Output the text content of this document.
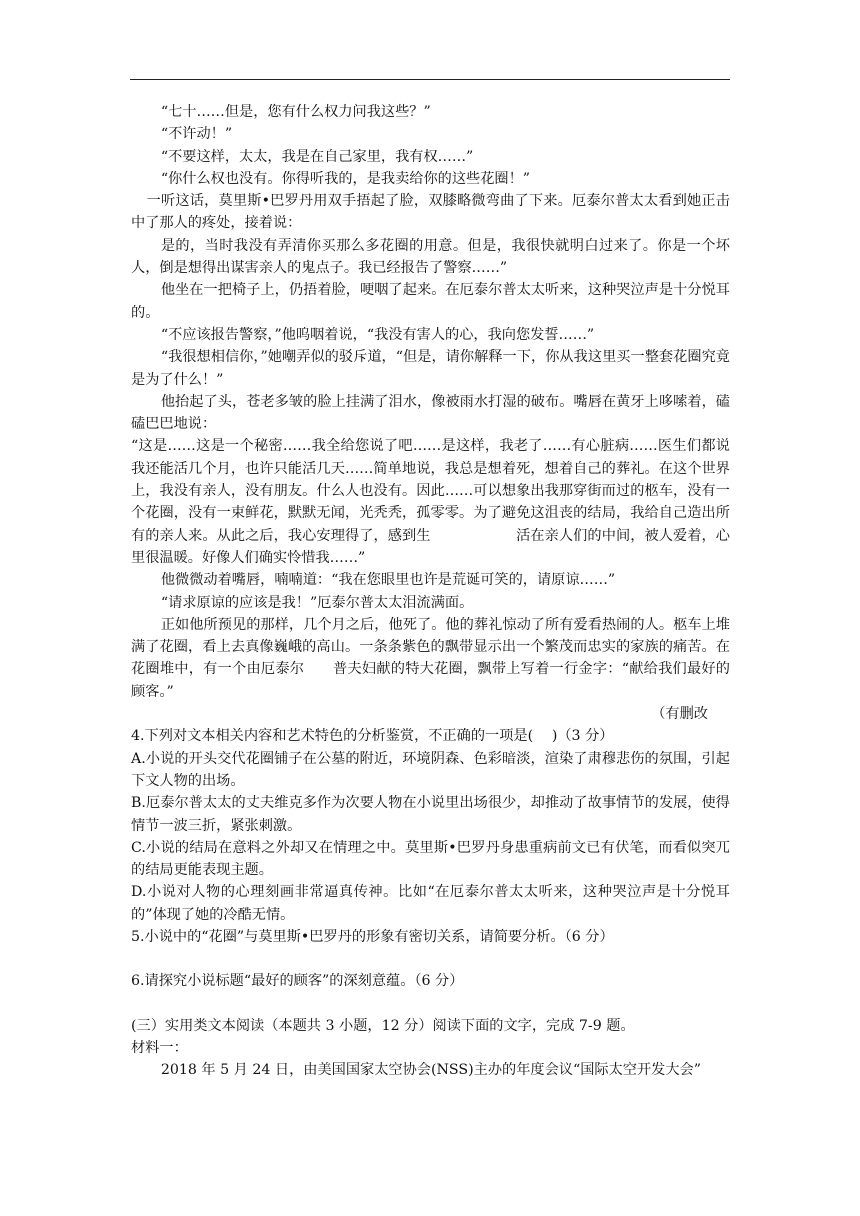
“七十……但是，您有什么权力问我这些？”

“不许动！”

“不要这样，太太，我是在自己家里，我有权……”

“你什么权也没有。你得听我的，是我卖给你的这些花圈！”

一听这话，莫里斯•巴罗丹用双手捂起了脸，双膝略微弯曲了下来。厄泰尔普太太看到她正击中了那人的疼处，接着说：

是的，当时我没有弄清你买那么多花圈的用意。但是，我很快就明白过来了。你是一个坏人，倒是想得出谋害亲人的鬼点子。我已经报告了警察……”

他坐在一把椅子上，仍捂着脸，哽咽了起来。在厄泰尔普太太听来，这种哭泣声是十分悦耳的。

“不应该报告警察，”他呜咽着说，“我没有害人的心，我向您发誓……”

“我很想相信你，”她嘲弄似的驳斥道，“但是，请你解释一下，你从我这里买一整套花圈究竟是为了什么！”

他抬起了头，苍老多皱的脸上挂满了泪水，像被雨水打湿的破布。嘴唇在黄牙上哆嗦着，磕磕巴巴地说：

“这是……这是一个秘密……我全给您说了吧……是这样，我老了……有心脏病……医生们都说我还能活几个月，也许只能活几天……简单地说，我总是想着死，想着自己的葬礼。在这个世界上，我没有亲人，没有朋友。什么人也没有。因此……可以想象出我那穿街而过的柩车，没有一个花圈，没有一束鲜花，默默无闻，光秃秃，孤零零。为了避免这沮丧的结局，我给自己造出所有的亲人来。从此之后，我心安理得了，感到生　　　　　　活在亲人们的中间，被人爱着，心里很温暖。好像人们确实怜惜我……”

他微微动着嘴唇，喃喃道：“我在您眼里也许是荒诞可笑的，请原谅……”

“请求原谅的应该是我！”厄泰尔普太太泪流满面。

正如他所预见的那样，几个月之后，他死了。他的葬礼惊动了所有爱看热闹的人。柩车上堆满了花圈，看上去真像巍峨的高山。一条条紫色的飘带显示出一个繁茂而忠实的家族的痛苦。在花圈堆中，有一个由厄泰尔　　普夫妇献的特大花圈，飘带上写着一行金字：“献给我们最好的顾客。”

（有删改

4.下列对文本相关内容和艺术特色的分析鉴赏，不正确的一项是(　 )（3 分）

A.小说的开头交代花圈铺子在公墓的附近，环境阴森、色彩暗淡，渲染了肃穆悲伤的氛围，引起下文人物的出场。

B.厄泰尔普太太的丈夫维克多作为次要人物在小说里出场很少，却推动了故事情节的发展，使得情节一波三折，紧张刺激。

C.小说的结局在意料之外却又在情理之中。莫里斯•巴罗丹身患重病前文已有伏笔，而看似突兀的结局更能表现主题。

D.小说对人物的心理刻画非常逼真传神。比如“在厄泰尔普太太听来，这种哭泣声是十分悦耳的”体现了她的冷酷无情。

5.小说中的“花圈”与莫里斯•巴罗丹的形象有密切关系，请简要分析。（6 分）

6.请探究小说标题“最好的顾客”的深刻意蕴。（6 分）

(三）实用类文本阅读（本题共 3 小题，12 分）阅读下面的文字，完成 7-9 题。

材料一：

2018 年 5 月 24 日，由美国国家太空协会(NSS)主办的年度会议“国际太空开发大会”
